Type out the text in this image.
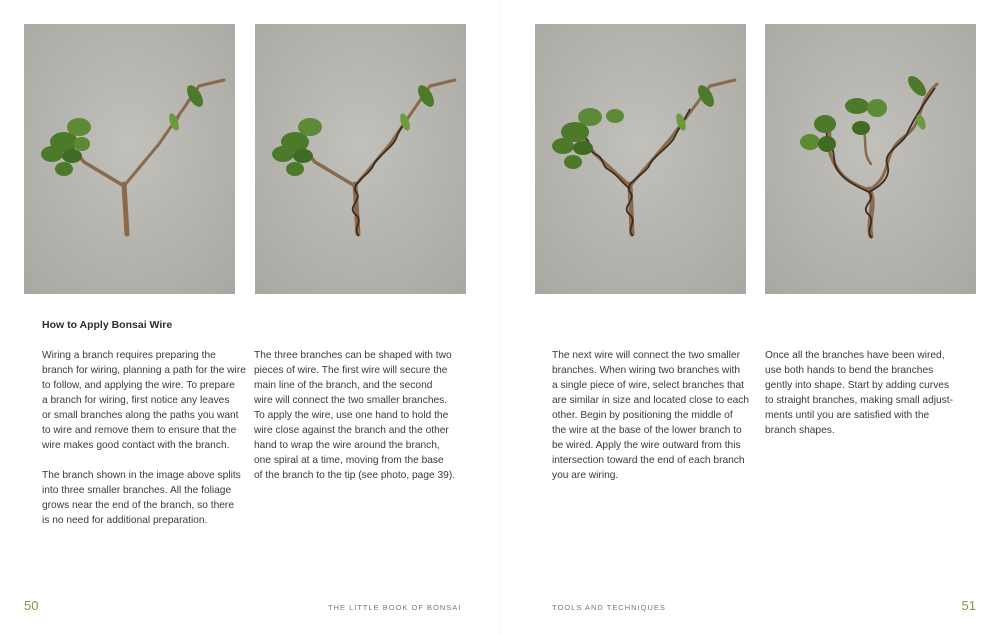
How to Apply Bonsai Wire

Wiring a branch requires preparing the
branch for wiring, planning a path for the wire
to follow, and applying the wire. To prepare
a branch for wiring, first notice any leaves
or small branches along the paths you want
to wire and remove them to ensure that the
wire makes good contact with the branch.

The branch shown in the image above splits
into three smaller branches. All the foliage
grows near the end of the branch, so there
is no need for additional preparation.

The three branches can be shaped with two
pieces of wire. The first wire will secure the
main line of the branch, and the second
wire will connect the two smaller branches.
To apply the wire, use one hand to hold the
wire close against the branch and the other
hand to wrap the wire around the branch,
one spiral at a time, moving from the base
of the branch to the tip (see photo, page 39).

The next wire will connect the two smaller
branches. When wiring two branches with
a single piece of wire, select branches that
are similar in size and located close to each
other. Begin by positioning the middle of
the wire at the base of the lower branch to
be wired. Apply the wire outward from this
intersection toward the end of each branch
you are wiring.

Once all the branches have been wired,
use both hands to bend the branches
gently into shape. Start by adding curves
to straight branches, making small adjust-
ments until you are satisfied with the
branch shapes.

50	THE LITTLE BOOK OF BONSAI	TOOLS AND TECHNIQUES	51
